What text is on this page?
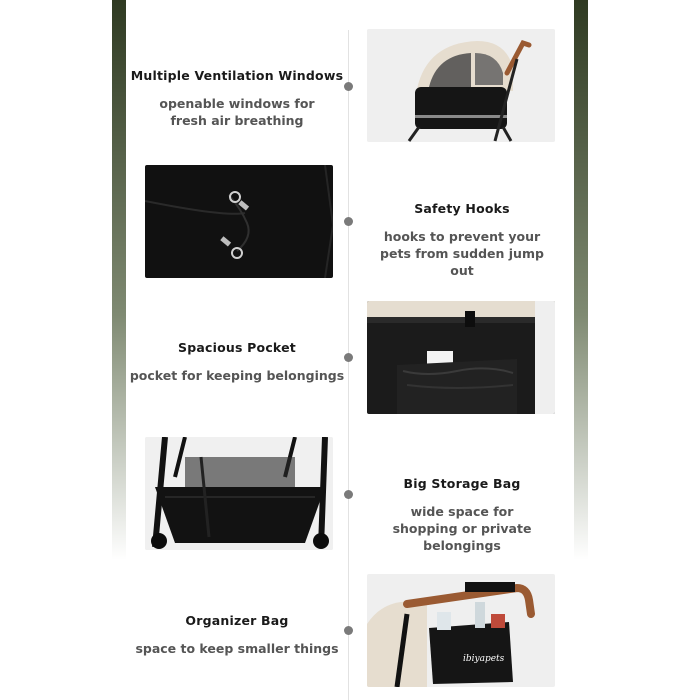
Multiple Ventilation Windows
openable windows for fresh air breathing
Safety Hooks
hooks to prevent your pets from sudden jump out
Spacious Pocket
pocket for keeping belongings
Big Storage Bag
wide space for shopping or private belongings
Organizer Bag
space to keep smaller things
ibiyapets
